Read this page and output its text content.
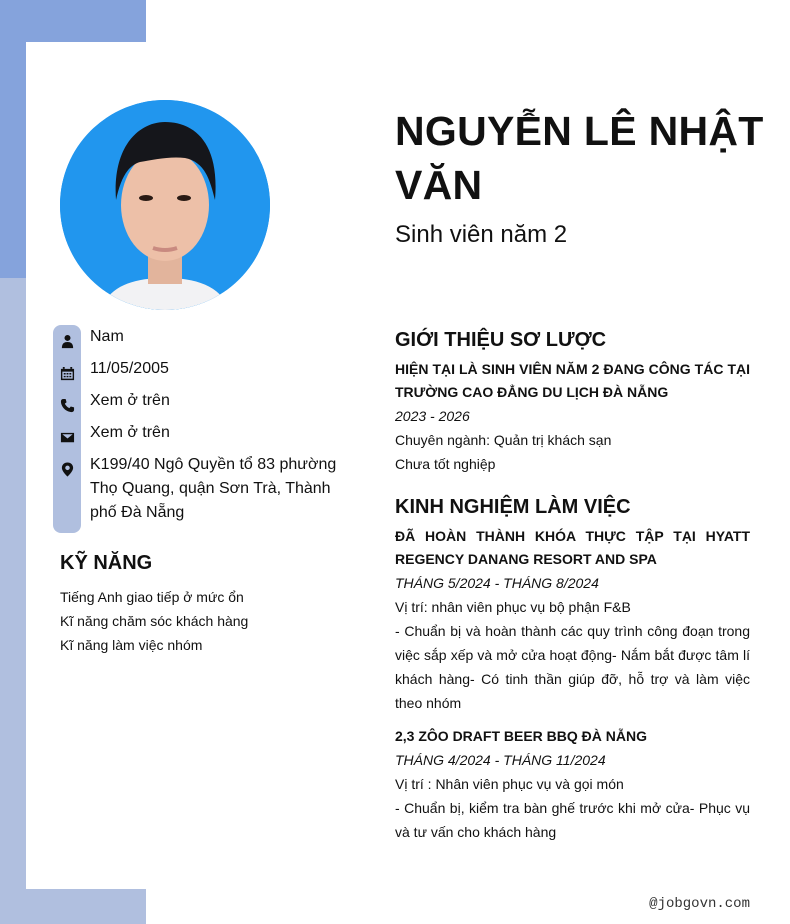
Nam
11/05/2005
Xem ở trên
Xem ở trên
K199/40 Ngô Quyền tổ 83 phường Thọ Quang, quận Sơn Trà, Thành phố Đà Nẵng
KỸ NĂNG
Tiếng Anh giao tiếp ở mức ổn
Kĩ năng chăm sóc khách hàng
Kĩ năng làm việc nhóm
NGUYỄN LÊ NHẬT VĂN
Sinh viên năm 2
GIỚI THIỆU SƠ LƯỢC
HIỆN TẠI LÀ SINH VIÊN NĂM 2 ĐANG CÔNG TÁC TẠI TRƯỜNG CAO ĐẲNG DU LỊCH ĐÀ NẴNG
2023 - 2026
Chuyên ngành: Quản trị khách sạn
Chưa tốt nghiệp
KINH NGHIỆM LÀM VIỆC
ĐÃ HOÀN THÀNH KHÓA THỰC TẬP TẠI HYATT REGENCY DANANG RESORT AND SPA
THÁNG 5/2024 - THÁNG 8/2024
Vị trí: nhân viên phục vụ bộ phận F&B
- Chuẩn bị và hoàn thành các quy trình công đoạn trong việc sắp xếp và mở cửa hoạt động- Nắm bắt được tâm lí khách hàng- Có tinh thần giúp đỡ, hỗ trợ và làm việc theo nhóm
2,3 ZÔO DRAFT BEER BBQ ĐÀ NẴNG
THÁNG 4/2024 - THÁNG 11/2024
Vị trí : Nhân viên phục vụ và gọi món
- Chuẩn bị, kiểm tra bàn ghế trước khi mở cửa- Phục vụ và tư vấn cho khách hàng
@jobgovn.com
